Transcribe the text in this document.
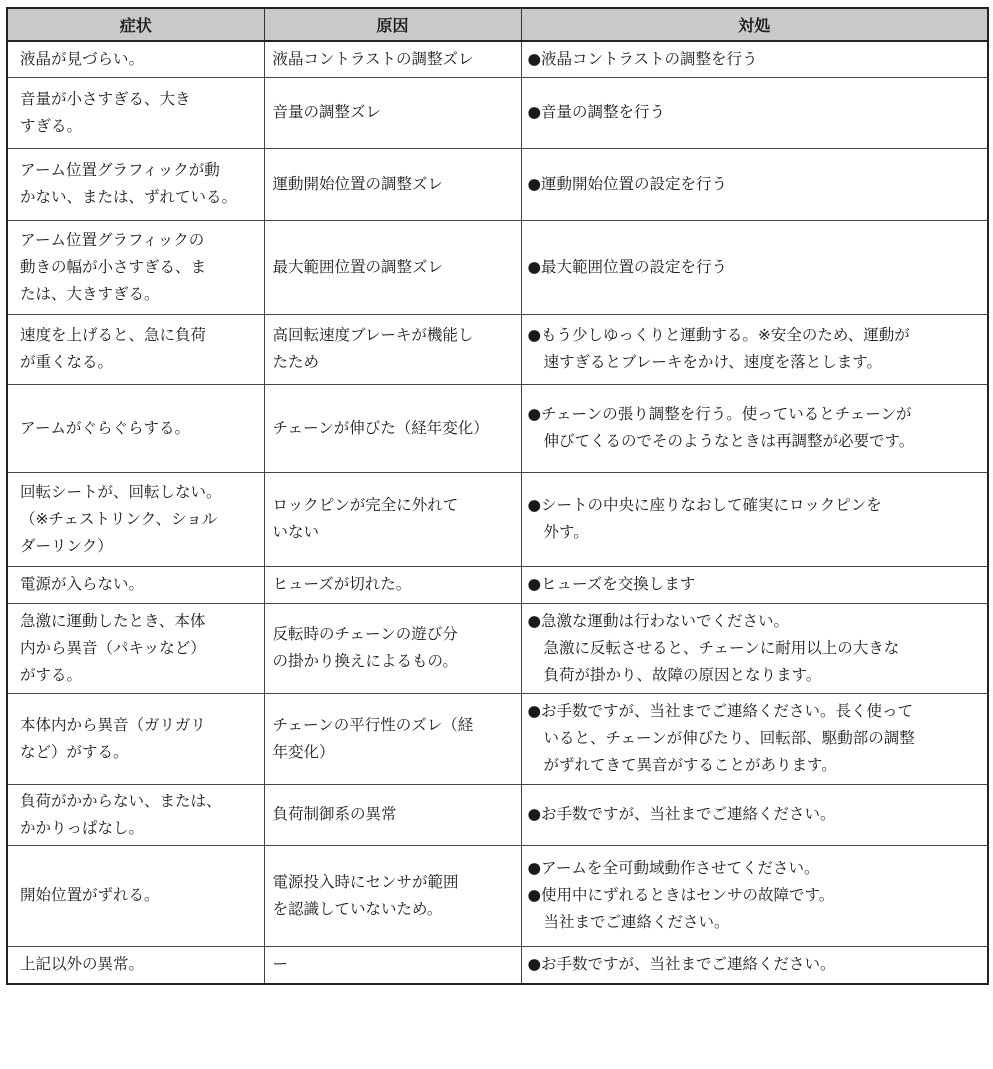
症状	原因	対処

液晶が見づらい。	液晶コントラストの調整ズレ	●液晶コントラストの調整を行う

音量が小さすぎる、大き
すぎる。	音量の調整ズレ	●音量の調整を行う

アーム位置グラフィックが動
かない、または、ずれている。	運動開始位置の調整ズレ	●運動開始位置の設定を行う

アーム位置グラフィックの
動きの幅が小さすぎる、ま
たは、大きすぎる。	最大範囲位置の調整ズレ	●最大範囲位置の設定を行う

速度を上げると、急に負荷
が重くなる。	高回転速度ブレーキが機能し
たため	●もう少しゆっくりと運動する。※安全のため、運動が
速すぎるとブレーキをかけ、速度を落とします。

アームがぐらぐらする。	チェーンが伸びた（経年変化）	●チェーンの張り調整を行う。使っているとチェーンが
伸びてくるのでそのようなときは再調整が必要です。

回転シートが、回転しない。
（※チェストリンク、ショル
ダーリンク）	ロックピンが完全に外れて
いない	●シートの中央に座りなおして確実にロックピンを
外す。

電源が入らない。	ヒューズが切れた。	●ヒューズを交換します

急激に運動したとき、本体
内から異音（パキッなど）
がする。	反転時のチェーンの遊び分
の掛かり換えによるもの。	●急激な運動は行わないでください。
急激に反転させると、チェーンに耐用以上の大きな
負荷が掛かり、故障の原因となります。

本体内から異音（ガリガリ
など）がする。	チェーンの平行性のズレ（経
年変化）	●お手数ですが、当社までご連絡ください。長く使って
いると、チェーンが伸びたり、回転部、駆動部の調整
がずれてきて異音がすることがあります。

負荷がかからない、または、
かかりっぱなし。	負荷制御系の異常	●お手数ですが、当社までご連絡ください。

開始位置がずれる。	電源投入時にセンサが範囲
を認識していないため。	●アームを全可動域動作させてください。
●使用中にずれるときはセンサの故障です。
当社までご連絡ください。

上記以外の異常。	ー	●お手数ですが、当社までご連絡ください。
